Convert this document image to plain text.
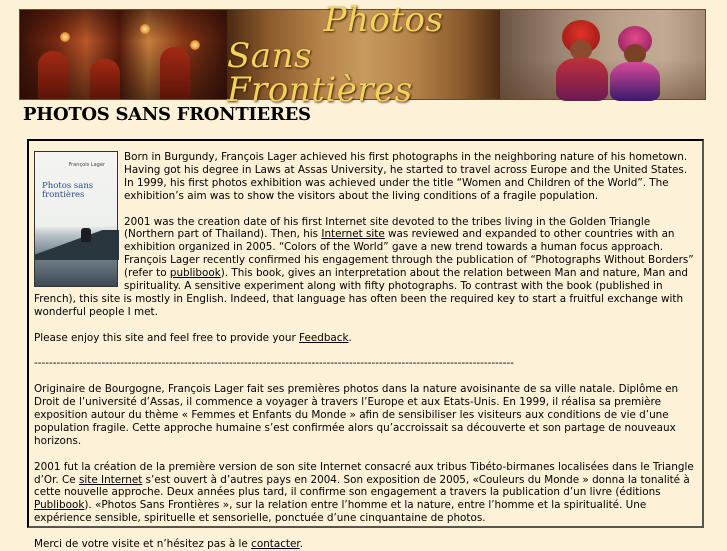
Photos
Sans Frontières
PHOTOS SANS FRONTIERES
François Lager
Photos sans frontières

Born in Burgundy, François Lager achieved his first photographs in the neighboring nature of his hometown. Having got his degree in Laws at Assas University, he started to travel across Europe and the United States. In 1999, his first photos exhibition was achieved under the title “Women and Children of the World”. The exhibition’s aim was to show the visitors about the living conditions of a fragile population.

2001 was the creation date of his first Internet site devoted to the tribes living in the Golden Triangle (Northern part of Thailand). Then, his Internet site was reviewed and expanded to other countries with an exhibition organized in 2005. “Colors of the World” gave a new trend towards a human focus approach. François Lager recently confirmed his engagement through the publication of “Photographs Without Borders” (refer to publibook). This book, gives an interpretation about the relation between Man and nature, Man and spirituality. A sensitive experiment along with fifty photographs. To contrast with the book (published in French), this site is mostly in English. Indeed, that language has often been the required key to start a fruitful exchange with wonderful people I met.

Please enjoy this site and feel free to provide your Feedback.

--------------------------------------------------------------------------------------------------------------------------------

Originaire de Bourgogne, François Lager fait ses premières photos dans la nature avoisinante de sa ville natale. Diplôme en Droit de l’université d’Assas, il commence a voyager à travers l’Europe et aux Etats-Unis. En 1999, il réalisa sa première exposition autour du thème « Femmes et Enfants du Monde » afin de sensibiliser les visiteurs aux conditions de vie d’une population fragile. Cette approche humaine s’est confirmée alors qu’accroissait sa découverte et son partage de nouveaux horizons.

2001 fut la création de la première version de son site Internet consacré aux tribus Tibéto-birmanes localisées dans le Triangle d’Or. Ce site Internet s’est ouvert à d’autres pays en 2004. Son exposition de 2005, «Couleurs du Monde » donna la tonalité à cette nouvelle approche. Deux années plus tard, il confirme son engagement a travers la publication d’un livre (éditions Publibook). «Photos Sans Frontières », sur la relation entre l’homme et la nature, entre l’homme et la spiritualité. Une expérience sensible, spirituelle et sensorielle, ponctuée d’une cinquantaine de photos.

Merci de votre visite et n’hésitez pas à le contacter.
